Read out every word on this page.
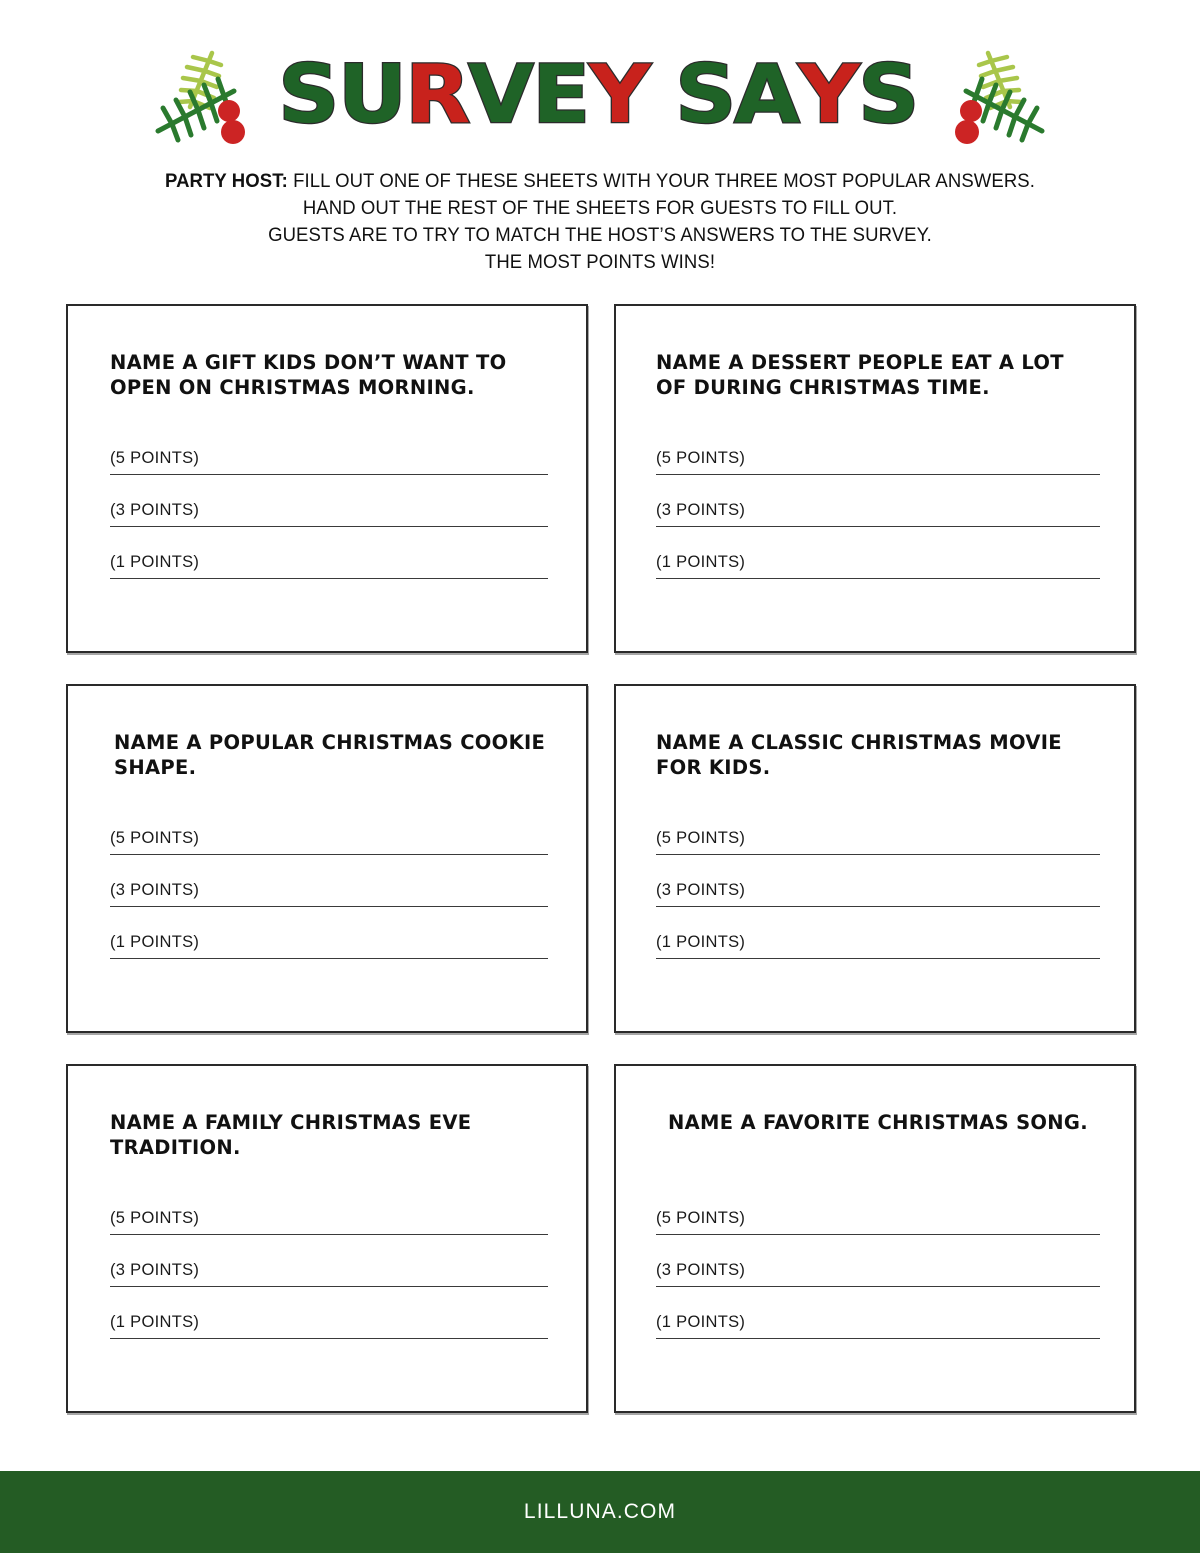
S
U
R
V
E
Y S
A
Y
S
PARTY HOST: FILL OUT ONE OF THESE SHEETS WITH YOUR THREE MOST POPULAR ANSWERS.
HAND OUT THE REST OF THE SHEETS FOR GUESTS TO FILL OUT.
GUESTS ARE TO TRY TO MATCH THE HOST’S ANSWERS TO THE SURVEY.
THE MOST POINTS WINS!
NAME A GIFT KIDS DON’T WANT TO OPEN ON CHRISTMAS MORNING.
(5 POINTS)
(3 POINTS)
(1 POINTS)
NAME A DESSERT PEOPLE EAT A LOT OF DURING CHRISTMAS TIME.
(5 POINTS)
(3 POINTS)
(1 POINTS)
NAME A POPULAR CHRISTMAS COOKIE SHAPE.
(5 POINTS)
(3 POINTS)
(1 POINTS)
NAME A CLASSIC CHRISTMAS MOVIE FOR KIDS.
(5 POINTS)
(3 POINTS)
(1 POINTS)
NAME A FAMILY CHRISTMAS EVE TRADITION.
(5 POINTS)
(3 POINTS)
(1 POINTS)
NAME A FAVORITE CHRISTMAS SONG.
(5 POINTS)
(3 POINTS)
(1 POINTS)
LILLUNA.COM
